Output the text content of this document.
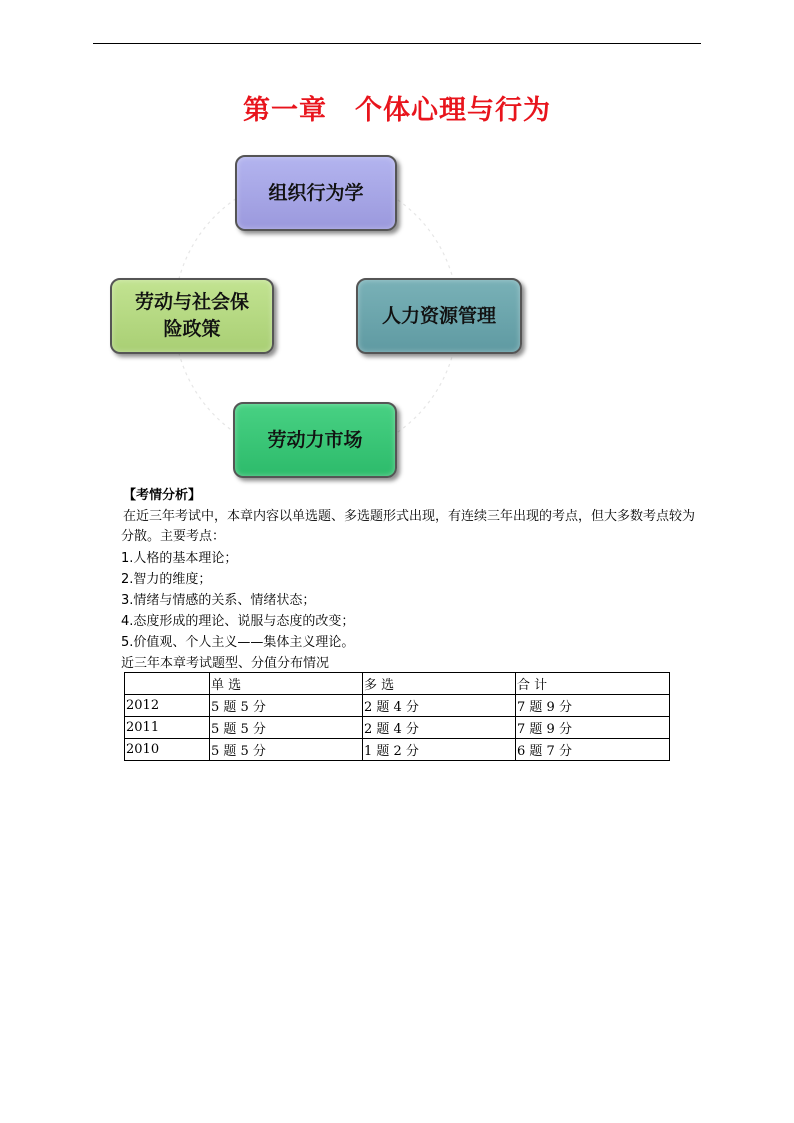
第一章　个体心理与行为
组织行为学
劳动与社会保
险政策
人力资源管理
劳动力市场
【考情分析】
在近三年考试中，本章内容以单选题、多选题形式出现，有连续三年出现的考点，但大多数考点较为分散。主要考点：
1.人格的基本理论；
2.智力的维度；
3.情绪与情感的关系、情绪状态；
4.态度形成的理论、说服与态度的改变；
5.价值观、个人主义——集体主义理论。
近三年本章考试题型、分值分布情况
	单 选	多 选	合 计
2012	5 题 5 分	2 题 4 分	7 题 9 分
2011	5 题 5 分	2 题 4 分	7 题 9 分
2010	5 题 5 分	1 题 2 分	6 题 7 分
